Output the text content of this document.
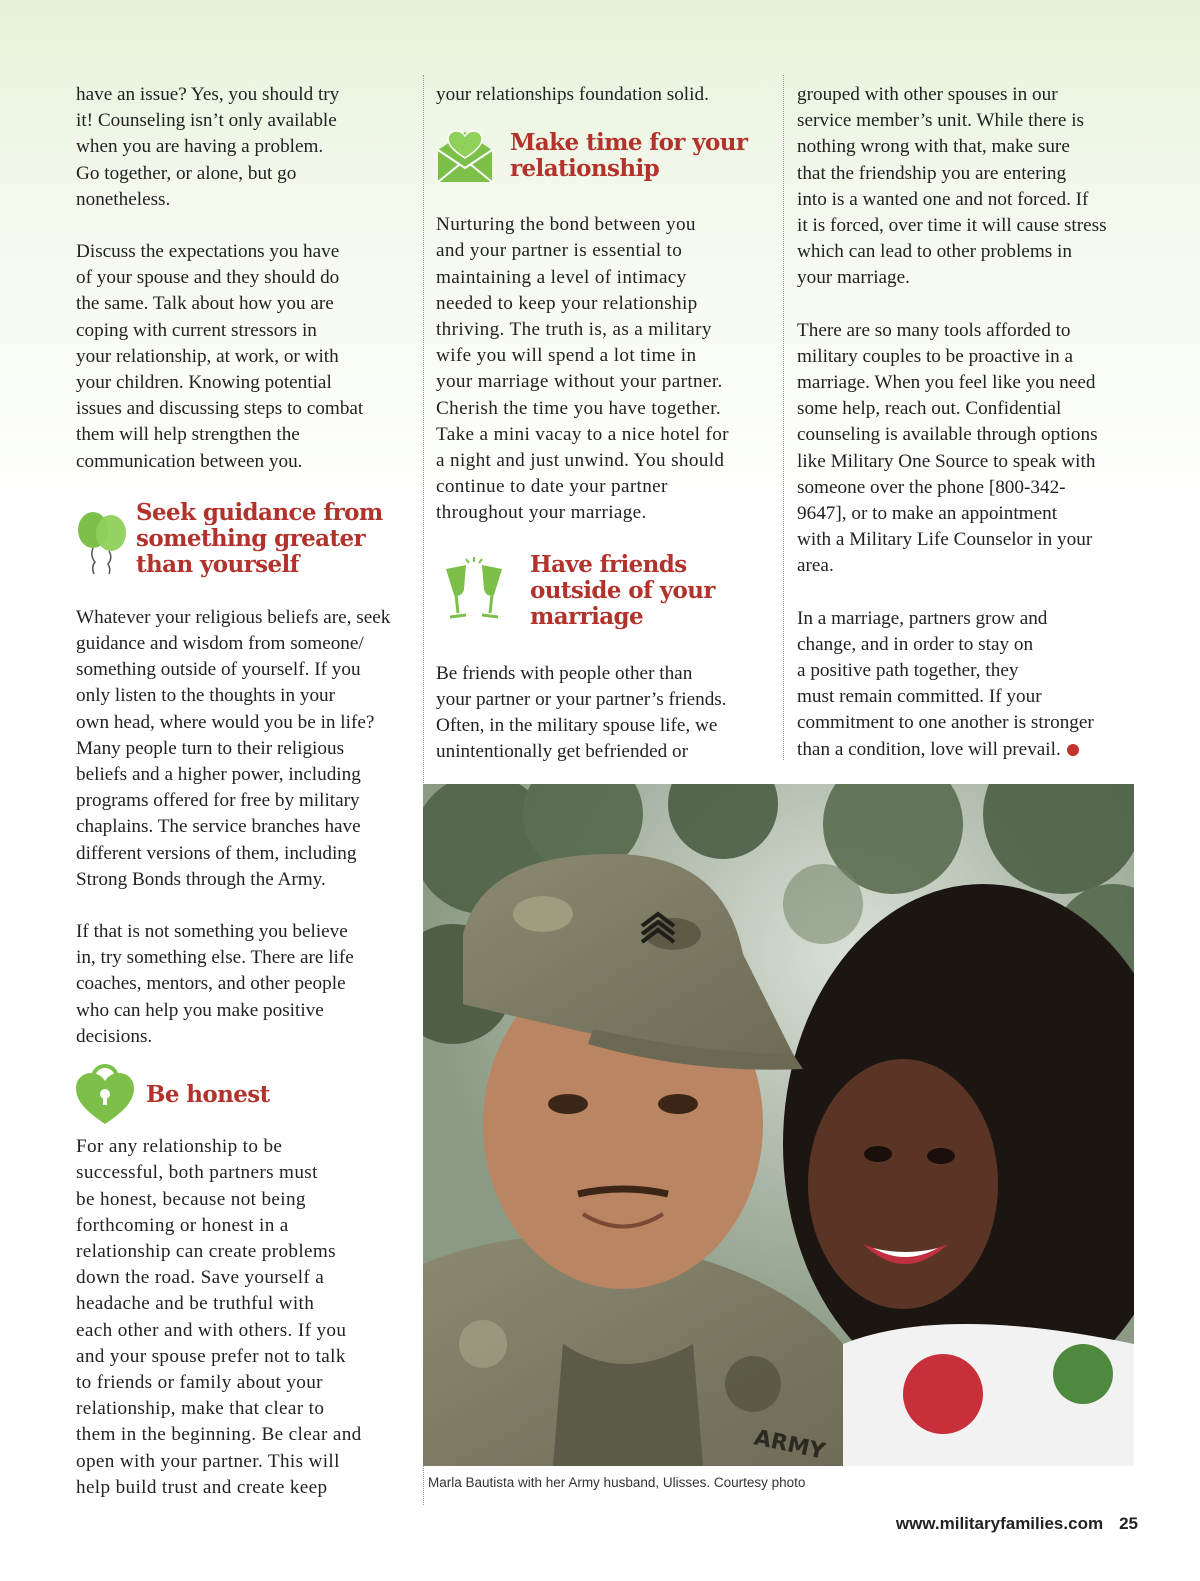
have an issue? Yes, you should try
it! Counseling isn’t only available
when you are having a problem.
Go together, or alone, but go
nonetheless.

Discuss the expectations you have
of your spouse and they should do
the same. Talk about how you are
coping with current stressors in
your relationship, at work, or with
your children. Knowing potential
issues and discussing steps to combat
them will help strengthen the
communication between you.

Seek guidance from
something greater
than yourself

Whatever your religious beliefs are, seek
guidance and wisdom from someone/
something outside of yourself. If you
only listen to the thoughts in your
own head, where would you be in life?
Many people turn to their religious
beliefs and a higher power, including
programs offered for free by military
chaplains. The service branches have
different versions of them, including
Strong Bonds through the Army.

If that is not something you believe
in, try something else. There are life
coaches, mentors, and other people
who can help you make positive
decisions.

Be honest

For any relationship to be
successful, both partners must
be honest, because not being
forthcoming or honest in a
relationship can create problems
down the road. Save yourself a
headache and be truthful with
each other and with others. If you
and your spouse prefer not to talk
to friends or family about your
relationship, make that clear to
them in the beginning. Be clear and
open with your partner. This will
help build trust and create keep

your relationships foundation solid.

Make time for your
relationship

Nurturing the bond between you
and your partner is essential to
maintaining a level of intimacy
needed to keep your relationship
thriving. The truth is, as a military
wife you will spend a lot time in
your marriage without your partner.
Cherish the time you have together.
Take a mini vacay to a nice hotel for
a night and just unwind. You should
continue to date your partner
throughout your marriage.

Have friends
outside of your
marriage

Be friends with people other than
your partner or your partner’s friends.
Often, in the military spouse life, we
unintentionally get befriended or

grouped with other spouses in our
service member’s unit. While there is
nothing wrong with that, make sure
that the friendship you are entering
into is a wanted one and not forced. If
it is forced, over time it will cause stress
which can lead to other problems in
your marriage.

There are so many tools afforded to
military couples to be proactive in a
marriage. When you feel like you need
some help, reach out. Confidential
counseling is available through options
like Military One Source to speak with
someone over the phone [800-342-
9647], or to make an appointment
with a Military Life Counselor in your
area.

In a marriage, partners grow and
change, and in order to stay on
a positive path together, they
must remain committed. If your
commitment to one another is stronger
than a condition, love will prevail.

ARMY
Marla Bautista with her Army husband, Ulisses. Courtesy photo
www.militaryfamilies.com 25
